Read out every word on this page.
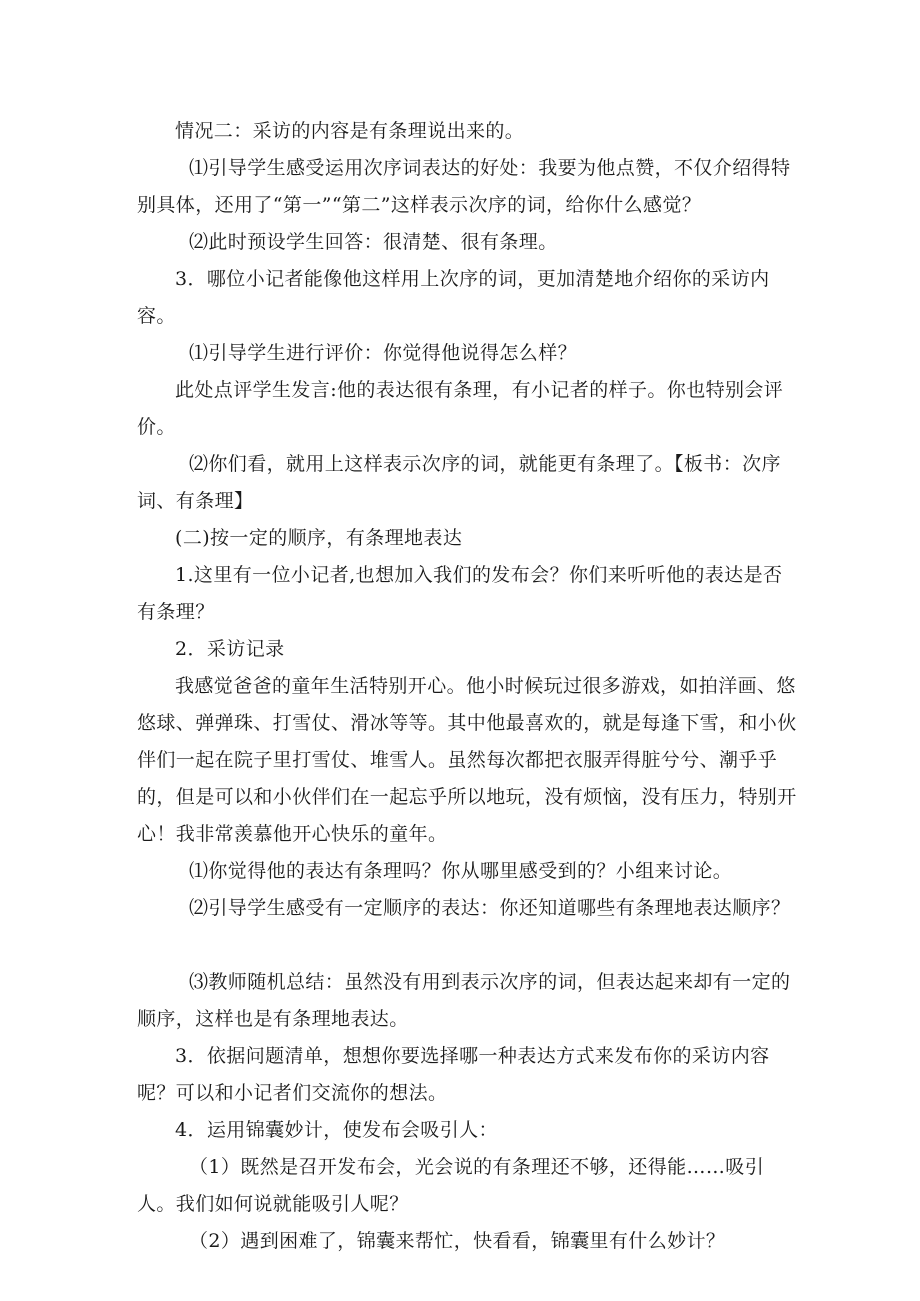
情况二：采访的内容是有条理说出来的。

⑴引导学生感受运用次序词表达的好处：我要为他点赞，不仅介绍得特别具体，还用了“第一”“第二”这样表示次序的词，给你什么感觉？

⑵此时预设学生回答：很清楚、很有条理。

3．哪位小记者能像他这样用上次序的词，更加清楚地介绍你的采访内容。

⑴引导学生进行评价：你觉得他说得怎么样？

此处点评学生发言:他的表达很有条理，有小记者的样子。你也特别会评价。

⑵你们看，就用上这样表示次序的词，就能更有条理了。【板书：次序词、有条理】

(二)按一定的顺序，有条理地表达

1.这里有一位小记者,也想加入我们的发布会？你们来听听他的表达是否有条理？

2．采访记录

我感觉爸爸的童年生活特别开心。他小时候玩过很多游戏，如拍洋画、悠悠球、弹弹珠、打雪仗、滑冰等等。其中他最喜欢的，就是每逢下雪，和小伙伴们一起在院子里打雪仗、堆雪人。虽然每次都把衣服弄得脏兮兮、潮乎乎的，但是可以和小伙伴们在一起忘乎所以地玩，没有烦恼，没有压力，特别开心！我非常羡慕他开心快乐的童年。

⑴你觉得他的表达有条理吗？你从哪里感受到的？小组来讨论。

⑵引导学生感受有一定顺序的表达：你还知道哪些有条理地表达顺序？

⑶教师随机总结：虽然没有用到表示次序的词，但表达起来却有一定的顺序，这样也是有条理地表达。

3．依据问题清单，想想你要选择哪一种表达方式来发布你的采访内容呢？可以和小记者们交流你的想法。

4．运用锦囊妙计，使发布会吸引人：

（1）既然是召开发布会，光会说的有条理还不够，还得能……吸引人。我们如何说就能吸引人呢？

（2）遇到困难了，锦囊来帮忙，快看看，锦囊里有什么妙计？
